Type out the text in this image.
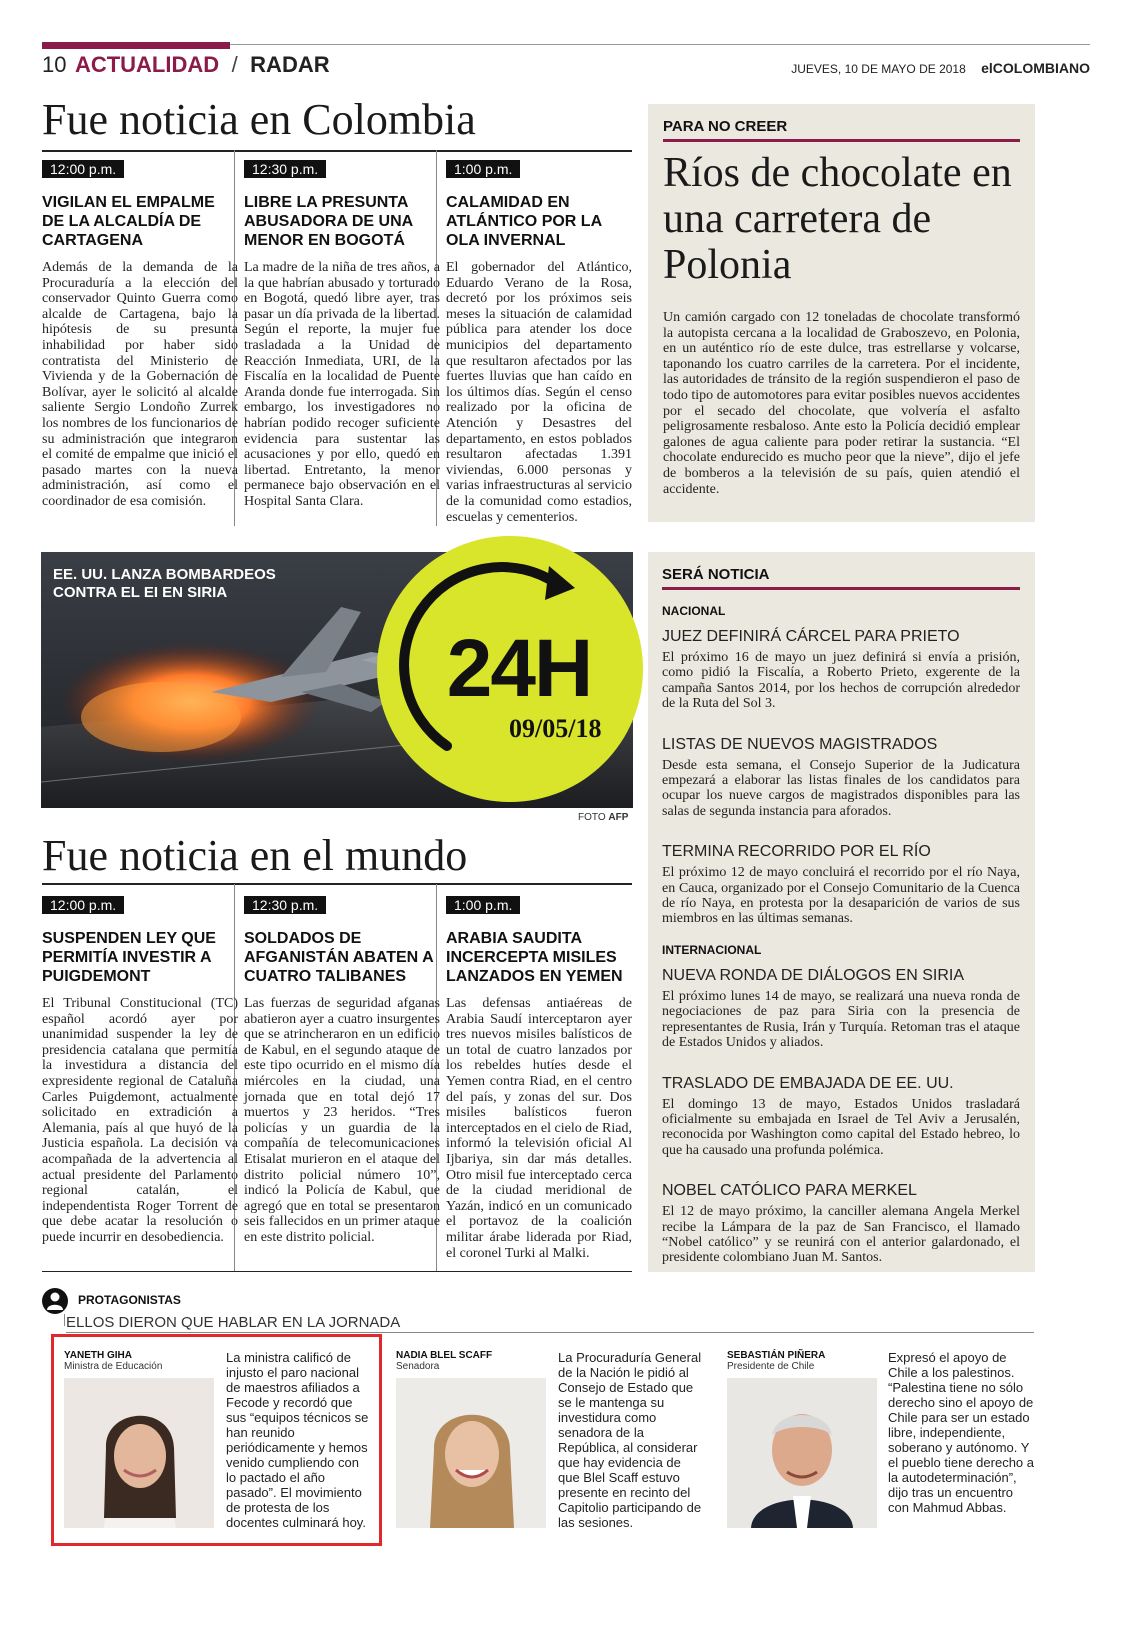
10 ACTUALIDAD / RADAR	JUEVES, 10 DE MAYO DE 2018 elCOLOMBIANO
Fue noticia en Colombia
12:00 p.m.
VIGILAN EL EMPALME DE LA ALCALDÍA DE CARTAGENA
Además de la demanda de la Procuraduría a la elección del conservador Quinto Guerra como alcalde de Cartagena, bajo la hipótesis de su presunta inhabilidad por haber sido contratista del Ministerio de Vivienda y de la Gobernación de Bolívar, ayer le solicitó al alcalde saliente Sergio Londoño Zurrek los nombres de los funcionarios de su administración que integraron el comité de empalme que inició el pasado martes con la nueva administración, así como el coordinador de esa comisión.
12:30 p.m.
LIBRE LA PRESUNTA ABUSADORA DE UNA MENOR EN BOGOTÁ
La madre de la niña de tres años, a la que habrían abusado y torturado en Bogotá, quedó libre ayer, tras pasar un día privada de la libertad. Según el reporte, la mujer fue trasladada a la Unidad de Reacción Inmediata, URI, de la Fiscalía en la localidad de Puente Aranda donde fue interrogada. Sin embargo, los investigadores no habrían podido recoger suficiente evidencia para sustentar las acusaciones y por ello, quedó en libertad. Entretanto, la menor permanece bajo observación en el Hospital Santa Clara.
1:00 p.m.
CALAMIDAD EN ATLÁNTICO POR LA OLA INVERNAL
El gobernador del Atlántico, Eduardo Verano de la Rosa, decretó por los próximos seis meses la situación de calamidad pública para atender los doce municipios del departamento que resultaron afectados por las fuertes lluvias que han caído en los últimos días. Según el censo realizado por la oficina de Atención y Desastres del departamento, en estos poblados resultaron afectadas 1.391 viviendas, 6.000 personas y varias infraestructuras al servicio de la comunidad como estadios, escuelas y cementerios.
PARA NO CREER
Ríos de chocolate en una carretera de Polonia
Un camión cargado con 12 toneladas de chocolate transformó la autopista cercana a la localidad de Graboszevo, en Polonia, en un auténtico río de este dulce, tras estrellarse y volcarse, taponando los cuatro carriles de la carretera. Por el incidente, las autoridades de tránsito de la región suspendieron el paso de todo tipo de automotores para evitar posibles nuevos accidentes por el secado del chocolate, que volvería el asfalto peligrosamente resbaloso. Ante esto la Policía decidió emplear galones de agua caliente para poder retirar la sustancia. “El chocolate endurecido es mucho peor que la nieve”, dijo el jefe de bomberos a la televisión de su país, quien atendió el accidente.
EE. UU. LANZA BOMBARDEOS CONTRA EL EI EN SIRIA
24H
09/05/18
FOTO AFP
Fue noticia en el mundo
12:00 p.m.
SUSPENDEN LEY QUE PERMITÍA INVESTIR A PUIGDEMONT
El Tribunal Constitucional (TC) español acordó ayer por unanimidad suspender la ley de presidencia catalana que permitía la investidura a distancia del expresidente regional de Cataluña Carles Puigdemont, actualmente solicitado en extradición a Alemania, país al que huyó de la Justicia española. La decisión va acompañada de la advertencia al actual presidente del Parlamento regional catalán, el independentista Roger Torrent de que debe acatar la resolución o puede incurrir en desobediencia.
12:30 p.m.
SOLDADOS DE AFGANISTÁN ABATEN A CUATRO TALIBANES
Las fuerzas de seguridad afganas abatieron ayer a cuatro insurgentes que se atrincheraron en un edificio de Kabul, en el segundo ataque de este tipo ocurrido en el mismo día miércoles en la ciudad, una jornada que en total dejó 17 muertos y 23 heridos. “Tres policías y un guardia de la compañía de telecomunicaciones Etisalat murieron en el ataque del distrito policial número 10”, indicó la Policía de Kabul, que agregó que en total se presentaron seis fallecidos en un primer ataque en este distrito policial.
1:00 p.m.
ARABIA SAUDITA INCERCEPTA MISILES LANZADOS EN YEMEN
Las defensas antiaéreas de Arabia Saudí interceptaron ayer tres nuevos misiles balísticos de un total de cuatro lanzados por los rebeldes hutíes desde el Yemen contra Riad, en el centro del país, y zonas del sur. Dos misiles balísticos fueron interceptados en el cielo de Riad, informó la televisión oficial Al Ijbariya, sin dar más detalles. Otro misil fue interceptado cerca de la ciudad meridional de Yazán, indicó en un comunicado el portavoz de la coalición militar árabe liderada por Riad, el coronel Turki al Malki.
SERÁ NOTICIA
NACIONAL
JUEZ DEFINIRÁ CÁRCEL PARA PRIETO

El próximo 16 de mayo un juez definirá si envía a prisión, como pidió la Fiscalía, a Roberto Prieto, exgerente de la campaña Santos 2014, por los hechos de corrupción alrededor de la Ruta del Sol 3.

LISTAS DE NUEVOS MAGISTRADOS

Desde esta semana, el Consejo Superior de la Judicatura empezará a elaborar las listas finales de los candidatos para ocupar los nueve cargos de magistrados disponibles para las salas de segunda instancia para aforados.

TERMINA RECORRIDO POR EL RÍO

El próximo 12 de mayo concluirá el recorrido por el río Naya, en Cauca, organizado por el Consejo Comunitario de la Cuenca de río Naya, en protesta por la desaparición de varios de sus miembros en las últimas semanas.

INTERNACIONAL
NUEVA RONDA DE DIÁLOGOS EN SIRIA

El próximo lunes 14 de mayo, se realizará una nueva ronda de negociaciones de paz para Siria con la presencia de representantes de Rusia, Irán y Turquía. Retoman tras el ataque de Estados Unidos y aliados.

TRASLADO DE EMBAJADA DE EE. UU.

El domingo 13 de mayo, Estados Unidos trasladará oficialmente su embajada en Israel de Tel Aviv a Jerusalén, reconocida por Washington como capital del Estado hebreo, lo que ha causado una profunda polémica.

NOBEL CATÓLICO PARA MERKEL

El 12 de mayo próximo, la canciller alemana Angela Merkel recibe la Lámpara de la paz de San Francisco, el llamado “Nobel católico” y se reunirá con el anterior galardonado, el presidente colombiano Juan M. Santos.

PROTAGONISTAS
ELLOS DIERON QUE HABLAR EN LA JORNADA
YANETH GIHA
Ministra de Educación
La ministra calificó de injusto el paro nacional de maestros afiliados a Fecode y recordó que sus “equipos técnicos se han reunido periódicamente y hemos venido cumpliendo con lo pactado el año pasado”. El movimiento de protesta de los docentes culminará hoy.
NADIA BLEL SCAFF
Senadora
La Procuraduría General de la Nación le pidió al Consejo de Estado que se le mantenga su investidura como senadora de la República, al considerar que hay evidencia de que Blel Scaff estuvo presente en recinto del Capitolio participando de las sesiones.
SEBASTIÁN PIÑERA
Presidente de Chile
Expresó el apoyo de Chile a los palestinos. “Palestina tiene no sólo derecho sino el apoyo de Chile para ser un estado libre, independiente, soberano y autónomo. Y el pueblo tiene derecho a la autodeterminación”, dijo tras un encuentro con Mahmud Abbas.
